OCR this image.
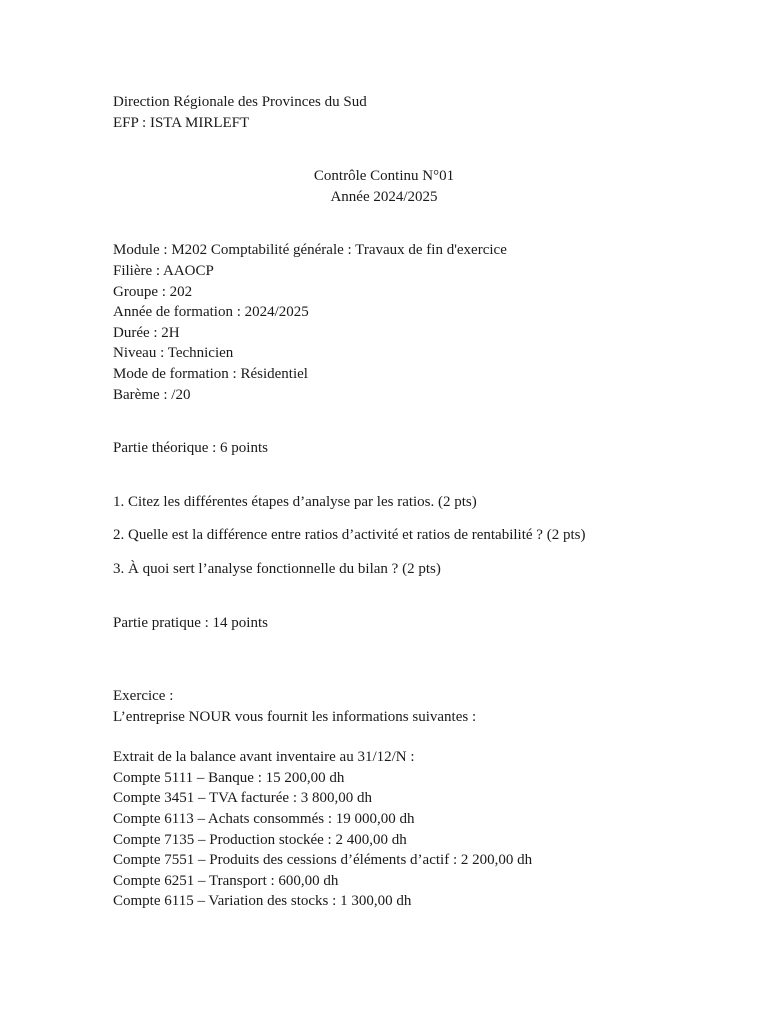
Direction Régionale des Provinces du Sud
EFP : ISTA MIRLEFT
Contrôle Continu N°01
Année 2024/2025
Module : M202 Comptabilité générale : Travaux de fin d'exercice
Filière : AAOCP
Groupe : 202
Année de formation : 2024/2025
Durée : 2H
Niveau : Technicien
Mode de formation : Résidentiel
Barème : /20
Partie théorique : 6 points
1. Citez les différentes étapes d’analyse par les ratios. (2 pts)
2. Quelle est la différence entre ratios d’activité et ratios de rentabilité ? (2 pts)
3. À quoi sert l’analyse fonctionnelle du bilan ? (2 pts)
Partie pratique : 14 points
Exercice :
L’entreprise NOUR vous fournit les informations suivantes :
Extrait de la balance avant inventaire au 31/12/N :
Compte 5111 – Banque : 15 200,00 dh
Compte 3451 – TVA facturée : 3 800,00 dh
Compte 6113 – Achats consommés : 19 000,00 dh
Compte 7135 – Production stockée : 2 400,00 dh
Compte 7551 – Produits des cessions d’éléments d’actif : 2 200,00 dh
Compte 6251 – Transport : 600,00 dh
Compte 6115 – Variation des stocks : 1 300,00 dh
